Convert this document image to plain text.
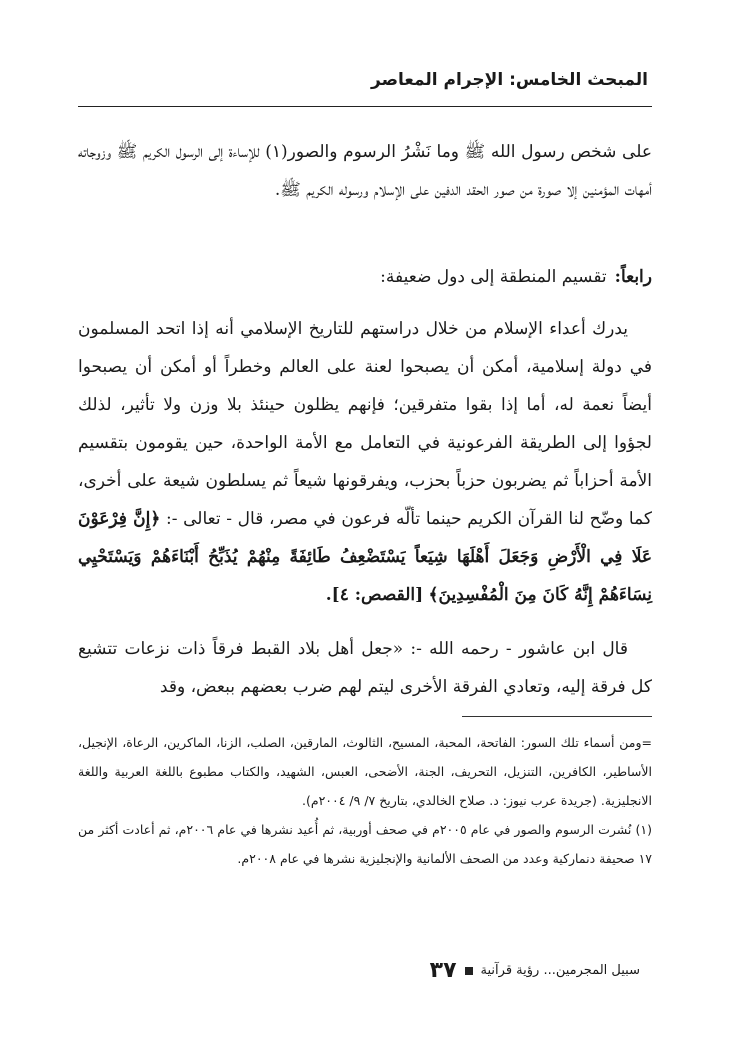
المبحث الخامس: الإجرام المعاصر
على شخص رسول الله ﷺ وما نَشْرُ الرسوم والصور(١) للإساءة إلى الرسول الكريم ﷺ وزوجاته أمهات المؤمنين إلا صورة من صور الحقد الدفين على الإسلام ورسوله الكريم ﷺ.
رابعاً:تقسيم المنطقة إلى دول ضعيفة:
يدرك أعداء الإسلام من خلال دراستهم للتاريخ الإسلامي أنه إذا اتحد المسلمون في دولة إسلامية، أمكن أن يصبحوا لعنة على العالم وخطراً أو أمكن أن يصبحوا أيضاً نعمة له، أما إذا بقوا متفرقين؛ فإنهم يظلون حينئذ بلا وزن ولا تأثير، لذلك لجؤوا إلى الطريقة الفرعونية في التعامل مع الأمة الواحدة، حين يقومون بتقسيم الأمة أحزاباً ثم يضربون حزباً بحزب، ويفرقونها شيعاً ثم يسلطون شيعة على أخرى، كما وضّح لنا القرآن الكريم حينما تألّه فرعون في مصر، قال - تعالى -: ﴿إِنَّ فِرْعَوْنَ عَلَا فِي الْأَرْضِ وَجَعَلَ أَهْلَهَا شِيَعاً يَسْتَضْعِفُ طَائِفَةً مِنْهُمْ يُذَبِّحُ أَبْنَاءَهُمْ وَيَسْتَحْيِي نِسَاءَهُمْ إِنَّهُ كَانَ مِنَ الْمُفْسِدِينَ﴾ [القصص: ٤].
قال ابن عاشور - رحمه الله -: «جعل أهل بلاد القبط فرقاً ذات نزعات تتشيع كل فرقة إليه، وتعادي الفرقة الأخرى ليتم لهم ضرب بعضهم ببعض، وقد

=ومن أسماء تلك السور: الفاتحة، المحبة، المسيح، الثالوث، المارقين، الصلب، الزنا، الماكرين، الرعاة، الإنجيل، الأساطير، الكافرين، التنزيل، التحريف، الجنة، الأضحى، العبس، الشهيد، والكتاب مطبوع باللغة العربية واللغة الانجليزية. (جريدة عرب نيوز: د. صلاح الخالدي، بتاريخ ٧/ ٩/ ٢٠٠٤م).

(١) نُشرت الرسوم والصور في عام ٢٠٠٥م في صحف أوربية، ثم أُعيد نشرها في عام ٢٠٠٦م، ثم أعادت أكثر من ١٧ صحيفة دنماركية وعدد من الصحف الألمانية والإنجليزية نشرها في عام ٢٠٠٨م.

سبيل المجرمين... رؤية قرآنية
٣٧
